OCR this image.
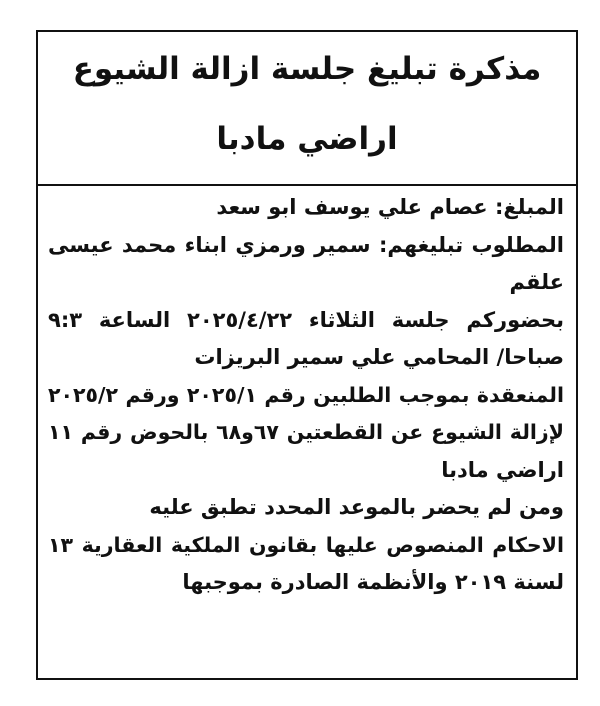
مذكرة تبليغ جلسة ازالة الشيوع
اراضي مادبا
المبلغ: عصام علي يوسف ابو سعد
المطلوب تبليغهم: سمير ورمزي ابناء محمد عيسى
علقم
بحضوركم جلسة الثلاثاء ٢٠٢٥/٤/٢٢ الساعة ٩:٣
صباحا/ المحامي علي سمير البريزات
المنعقدة بموجب الطلبين رقم ٢٠٢٥/١ ورقم ٢٠٢٥/٢
لإزالة الشيوع عن القطعتين ٦٧و٦٨ بالحوض رقم ١١
اراضي مادبا
ومن لم يحضر بالموعد المحدد تطبق عليه
الاحكام المنصوص عليها بقانون الملكية العقارية ١٣
لسنة ٢٠١٩ والأنظمة الصادرة بموجبها
